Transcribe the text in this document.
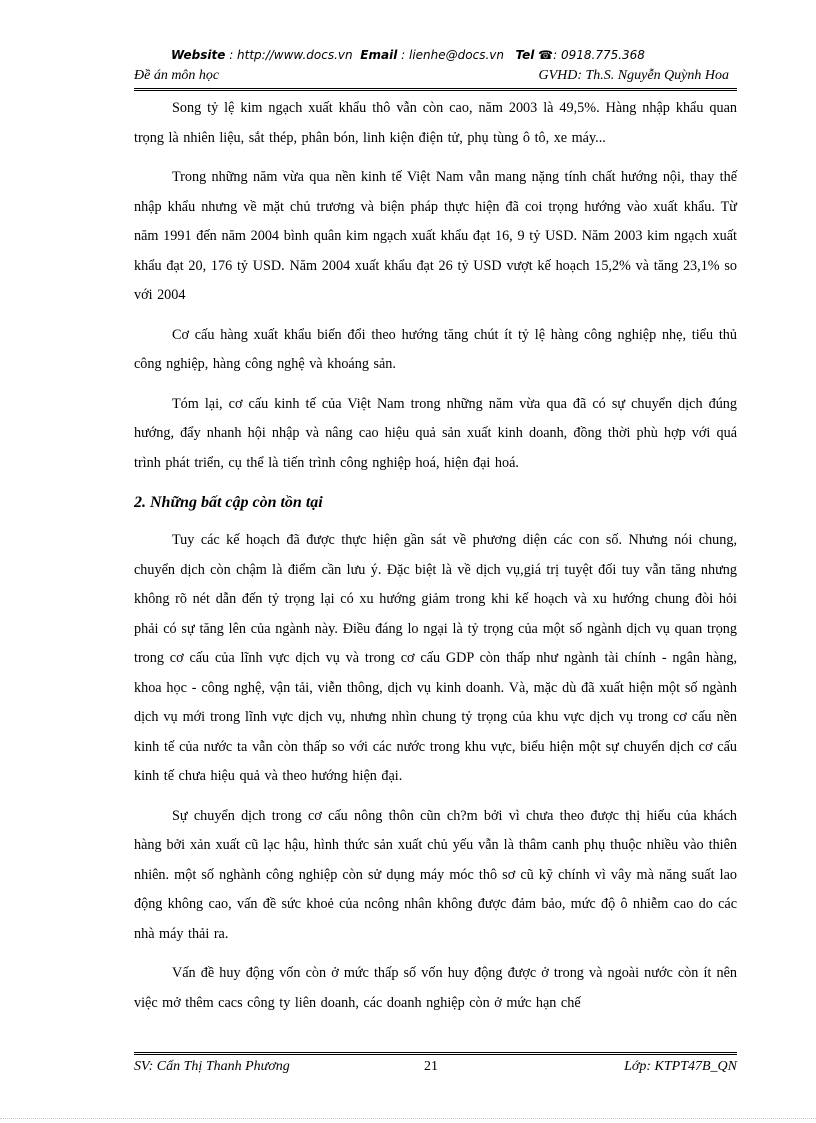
Website : http://www.docs.vn Email : lienhe@docs.vn Tel ☎: 0918.775.368
Đề án môn học	GVHD: Th.S. Nguyễn Quỳnh Hoa

Song tỷ lệ kim ngạch xuất khẩu thô vẫn còn cao, năm 2003 là 49,5%. Hàng nhập khẩu quan trọng là nhiên liệu, sắt thép, phân bón, linh kiện điện tử, phụ tùng ô tô, xe máy...

Trong những năm vừa qua nền kinh tế Việt Nam vẫn mang nặng tính chất hướng nội, thay thế nhập khẩu nhưng về mặt chủ trương và biện pháp thực hiện đã coi trọng hướng vào xuất khẩu. Từ năm 1991 đến năm 2004 bình quân kim ngạch xuất khẩu đạt 16, 9 tỷ USD. Năm 2003 kim ngạch xuất khẩu đạt 20, 176 tỷ USD. Năm 2004 xuất khẩu đạt 26 tỷ USD vượt kế hoạch 15,2% và tăng 23,1% so với 2004

Cơ cấu hàng xuất khẩu biến đổi theo hướng tăng chút ít tỷ lệ hàng công nghiệp nhẹ, tiểu thủ công nghiệp, hàng công nghệ và khoáng sản.

Tóm lại, cơ cấu kinh tế của Việt Nam trong những năm vừa qua đã có sự chuyển dịch đúng hướng, đẩy nhanh hội nhập và nâng cao hiệu quả sản xuất kinh doanh, đồng thời phù hợp với quá trình phát triển, cụ thể là tiến trình công nghiệp hoá, hiện đại hoá.

2. Những bất cập còn tồn tại

Tuy các kế hoạch đã được thực hiện gần sát về phương diện các con số. Nhưng nói chung, chuyển dịch còn chậm là điểm cần lưu ý. Đặc biệt là về dịch vụ,giá trị tuyệt đối tuy vẫn tăng nhưng không rõ nét dẫn đến tỷ trọng lại có xu hướng giảm trong khi kế hoạch và xu hướng chung đòi hỏi phải có sự tăng lên của ngành này. Điều đáng lo ngại là tỷ trọng của một số ngành dịch vụ quan trọng trong cơ cấu của lĩnh vực dịch vụ và trong cơ cấu GDP còn thấp như ngành tài chính - ngân hàng, khoa học - công nghệ, vận tải, viễn thông, dịch vụ kinh doanh. Và, mặc dù đã xuất hiện một số ngành dịch vụ mới trong lĩnh vực dịch vụ, nhưng nhìn chung tỷ trọng của khu vực dịch vụ trong cơ cấu nền kinh tế của nước ta vẫn còn thấp so với các nước trong khu vực, biểu hiện một sự chuyển dịch cơ cấu kinh tế chưa hiệu quả và theo hướng hiện đại.

Sự chuyển dịch trong cơ cấu nông thôn cũn ch?m bởi vì chưa theo được thị hiếu của khách hàng bởi xản xuất cũ lạc hậu, hình thức sản xuất chủ yếu vẫn là thâm canh phụ thuộc nhiều vào thiên nhiên. một số nghành công nghiệp còn sử dụng máy móc thô sơ cũ kỹ chính vì vây mà năng suất lao động không cao, vấn đề sức khoẻ của ncông nhân không được đảm bảo, mức độ ô nhiễm cao do các nhà máy thải ra.

Vấn đề huy động vốn còn ở mức thấp số vốn huy động được ở trong và ngoài nước còn ít nên việc mở thêm cacs công ty liên doanh, các doanh nghiệp còn ở mức hạn chế

SV: Cấn Thị Thanh Phương	21	Lớp: KTPT47B_QN
